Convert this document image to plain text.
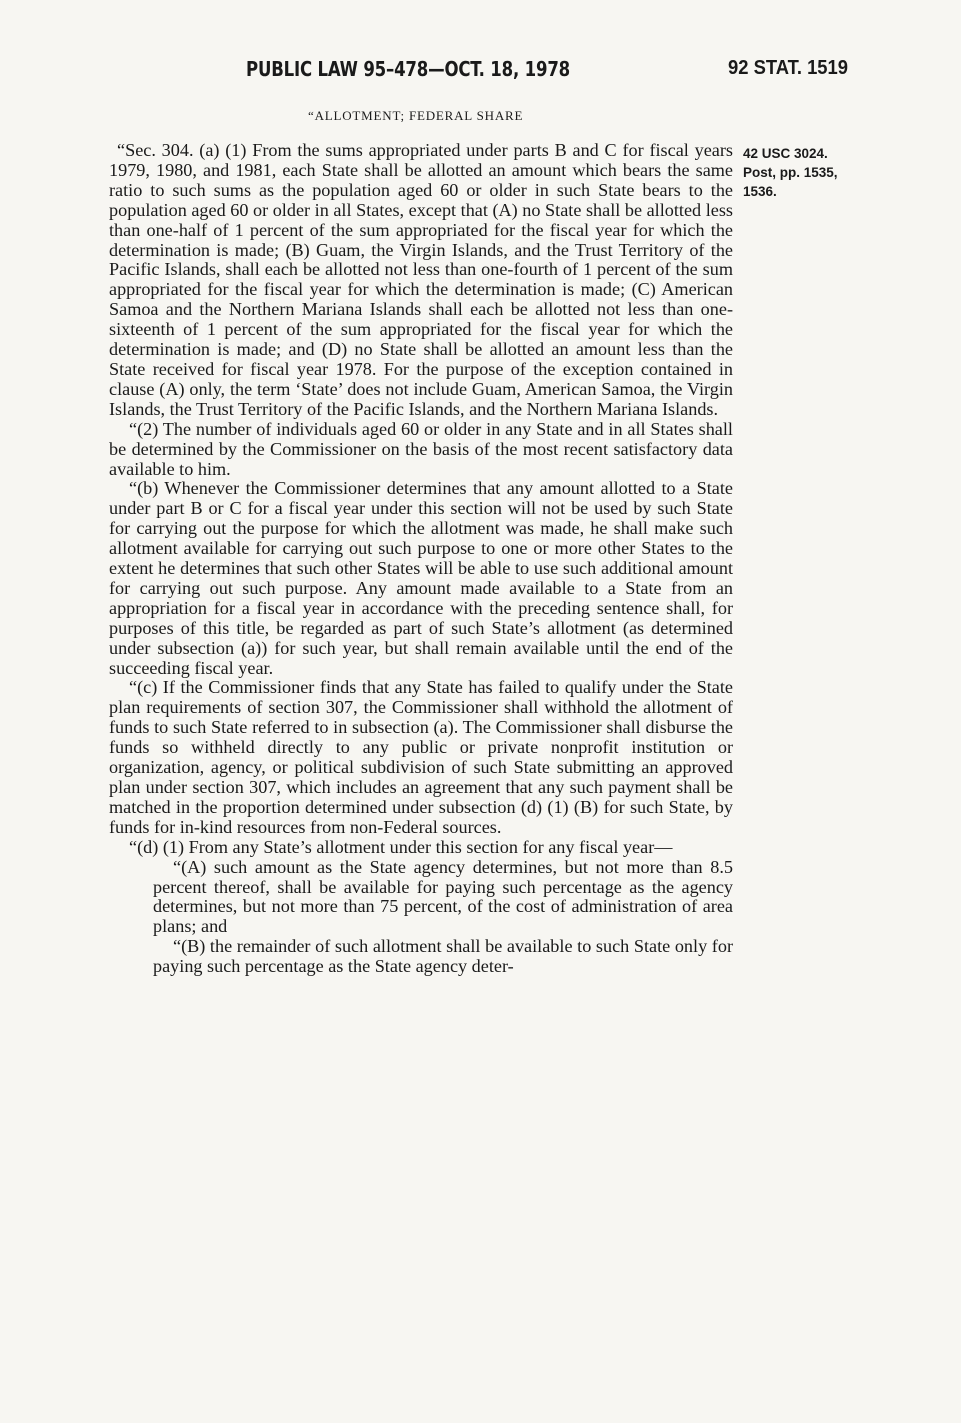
PUBLIC LAW 95–478—OCT. 18, 1978	92 STAT. 1519
“ALLOTMENT; FEDERAL SHARE
42 USC 3024.
Post, pp. 1535,
1536.

“Sec. 304. (a) (1) From the sums appropriated under parts B and C for fiscal years 1979, 1980, and 1981, each State shall be allotted an amount which bears the same ratio to such sums as the population aged 60 or older in such State bears to the population aged 60 or older in all States, except that (A) no State shall be allotted less than one-half of 1 percent of the sum appropriated for the fiscal year for which the determination is made; (B) Guam, the Virgin Islands, and the Trust Territory of the Pacific Islands, shall each be allotted not less than one-fourth of 1 percent of the sum appropriated for the fiscal year for which the determination is made; (C) American Samoa and the Northern Mariana Islands shall each be allotted not less than one-sixteenth of 1 percent of the sum appropriated for the fiscal year for which the determination is made; and (D) no State shall be allotted an amount less than the State received for fiscal year 1978. For the purpose of the exception contained in clause (A) only, the term ‘State’ does not include Guam, American Samoa, the Virgin Islands, the Trust Territory of the Pacific Islands, and the Northern Mariana Islands.

“(2) The number of individuals aged 60 or older in any State and in all States shall be determined by the Commissioner on the basis of the most recent satisfactory data available to him.

“(b) Whenever the Commissioner determines that any amount allotted to a State under part B or C for a fiscal year under this section will not be used by such State for carrying out the purpose for which the allotment was made, he shall make such allotment available for carrying out such purpose to one or more other States to the extent he determines that such other States will be able to use such additional amount for carrying out such purpose. Any amount made available to a State from an appropriation for a fiscal year in accordance with the preceding sentence shall, for purposes of this title, be regarded as part of such State’s allotment (as determined under subsection (a)) for such year, but shall remain available until the end of the succeeding fiscal year.

“(c) If the Commissioner finds that any State has failed to qualify under the State plan requirements of section 307, the Commissioner shall withhold the allotment of funds to such State referred to in subsection (a). The Commissioner shall disburse the funds so withheld directly to any public or private nonprofit institution or organization, agency, or political subdivision of such State submitting an approved plan under section 307, which includes an agreement that any such payment shall be matched in the proportion determined under subsection (d) (1) (B) for such State, by funds for in-kind resources from non-Federal sources.

“(d) (1) From any State’s allotment under this section for any fiscal year—

“(A) such amount as the State agency determines, but not more than 8.5 percent thereof, shall be available for paying such percentage as the agency determines, but not more than 75 percent, of the cost of administration of area plans; and

“(B) the remainder of such allotment shall be available to such State only for paying such percentage as the State agency deter-
